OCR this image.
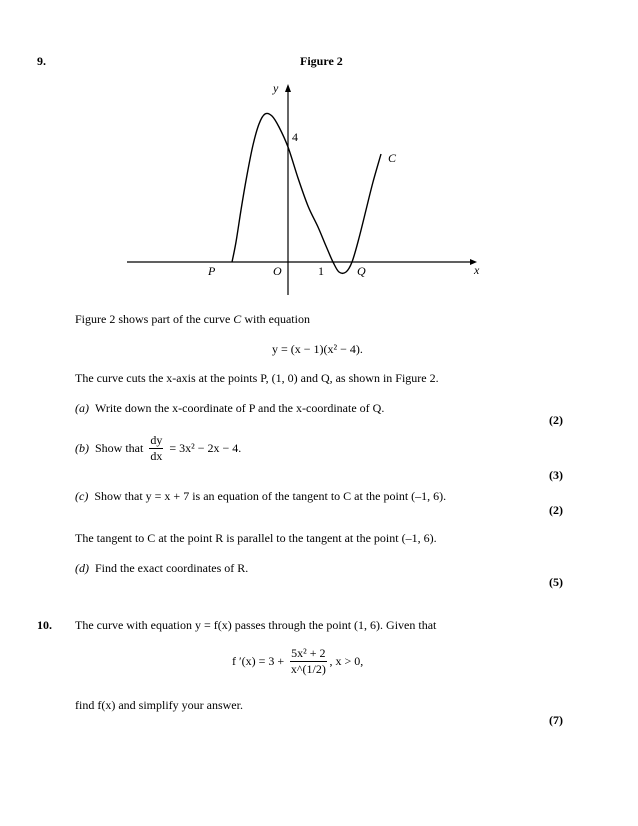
9.	Figure 2
y
x
4
C
P	O	1	Q
Figure 2 shows part of the curve C with equation
y = (x − 1)(x² − 4).
The curve cuts the x-axis at the points P, (1, 0) and Q, as shown in Figure 2.
(a) Write down the x-coordinate of P and the x-coordinate of Q.
(2)
(b) Show that $\frac{dy}{dx} = 3x^2 - 2x - 4$.
(3)
(c) Show that y = x + 7 is an equation of the tangent to C at the point (–1, 6).
(2)
The tangent to C at the point R is parallel to the tangent at the point (–1, 6).
(d) Find the exact coordinates of R.
(5)
10. The curve with equation y = f(x) passes through the point (1, 6). Given that
f $'(x) = 3 + \frac{\text{5x² + 2}}{x\^{}(1/2)}$ , x > 0,
find f(x) and simplify your answer.
(7)
